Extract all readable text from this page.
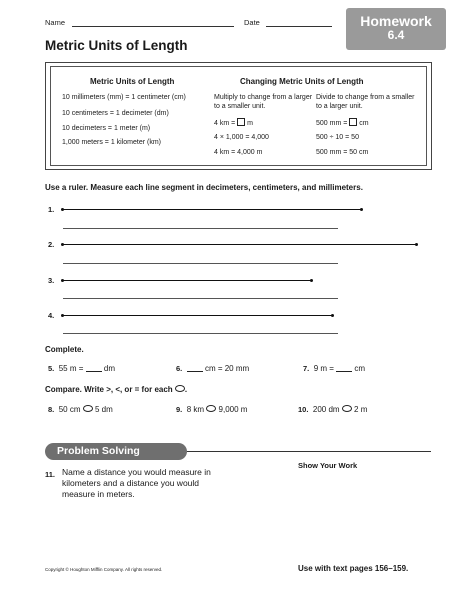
Name	Date	Homework
6.4
Metric Units of Length
Metric Units of Length
10 millimeters (mm) = 1 centimeter (cm)
10 centimeters = 1 decimeter (dm)
10 decimeters = 1 meter (m)
1,000 meters = 1 kilometer (km)
Changing Metric Units of Length
Multiply to change from a larger to a smaller unit.
4 km = m
4 × 1,000 = 4,000
4 km = 4,000 m
Divide to change from a smaller to a larger unit.
500 mm = cm
500 ÷ 10 = 50
500 mm = 50 cm
Use a ruler. Measure each line segment in decimeters, centimeters, and millimeters.
1.
2.
3.
4.
Complete.
5. 55 m =	dm	6.	cm = 20 mm	7. 9 m =	cm
Compare. Write >, <, or = for each .
8. 50 cm 5 dm	9. 8 km 9,000 m	10. 200 dm 2 m
Problem Solving
Show Your Work
11. Name a distance you would measure in
kilometers and a distance you would
measure in meters.
Copyright © Houghton Mifflin Company. All rights reserved.	Use with text pages 156–159.
